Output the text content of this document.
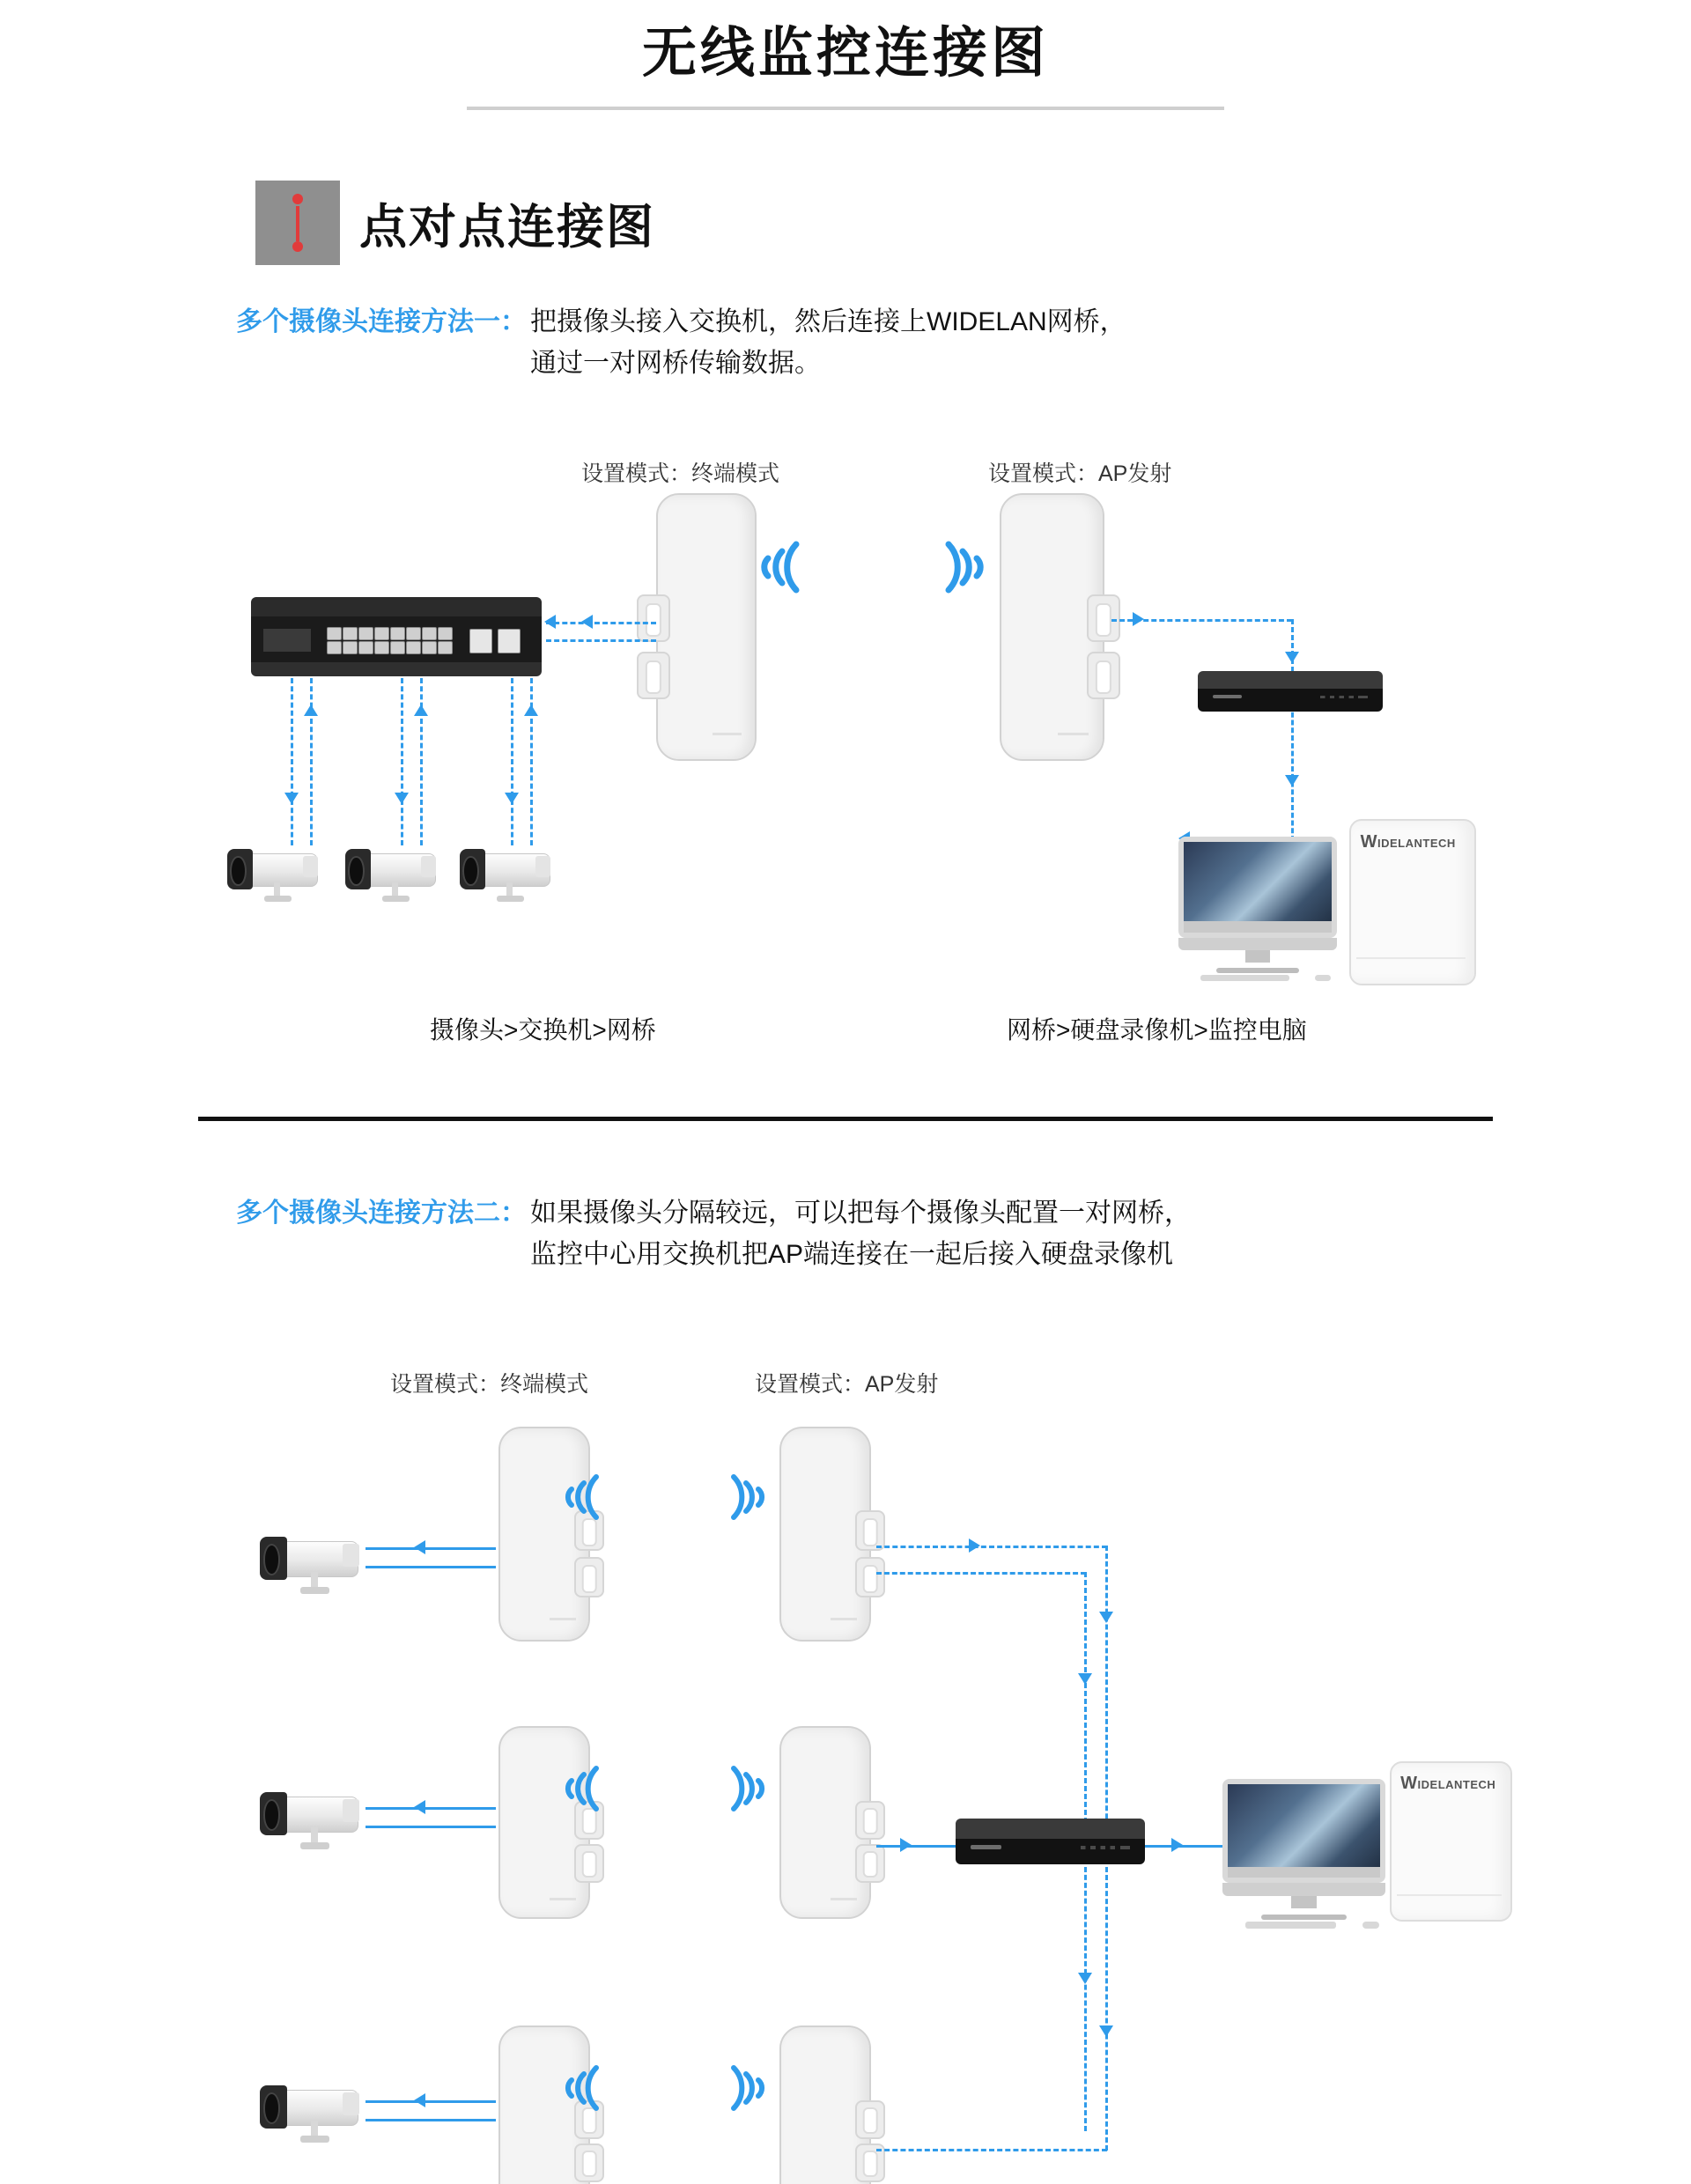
无线监控连接图
点对点连接图
多个摄像头连接方法一： 把摄像头接入交换机，然后连接上WIDELAN网桥，
通过一对网桥传输数据。
设置模式：终端模式	设置模式：AP发射
WIDELANTECH
摄像头>交换机>网桥	网桥>硬盘录像机>监控电脑
多个摄像头连接方法二： 如果摄像头分隔较远，可以把每个摄像头配置一对网桥，
监控中心用交换机把AP端连接在一起后接入硬盘录像机
设置模式：终端模式	设置模式：AP发射
WIDELANTECH
